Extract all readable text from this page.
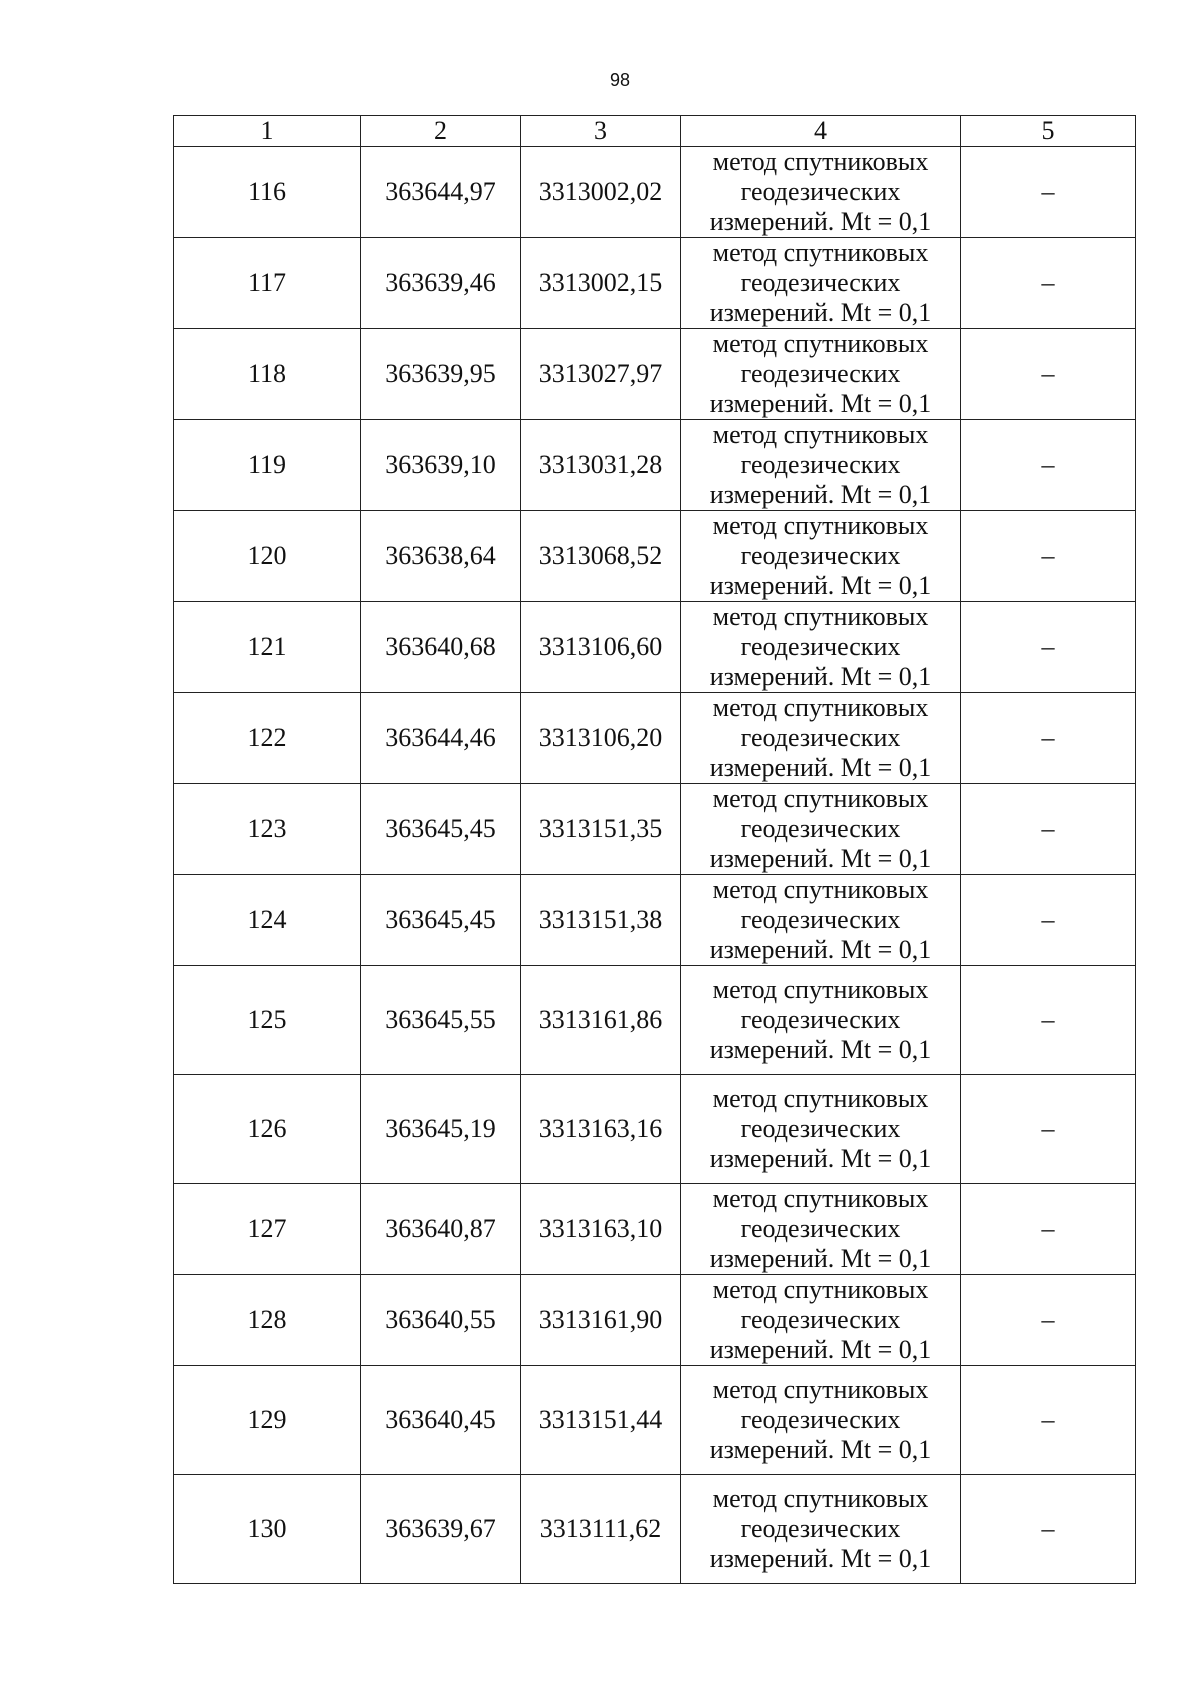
98
1	2	3	4	5
116	363644,97	3313002,02	метод спутниковых
геодезических
измерений. Mt = 0,1	–
117	363639,46	3313002,15	метод спутниковых
геодезических
измерений. Mt = 0,1	–
118	363639,95	3313027,97	метод спутниковых
геодезических
измерений. Mt = 0,1	–
119	363639,10	3313031,28	метод спутниковых
геодезических
измерений. Mt = 0,1	–
120	363638,64	3313068,52	метод спутниковых
геодезических
измерений. Mt = 0,1	–
121	363640,68	3313106,60	метод спутниковых
геодезических
измерений. Mt = 0,1	–
122	363644,46	3313106,20	метод спутниковых
геодезических
измерений. Mt = 0,1	–
123	363645,45	3313151,35	метод спутниковых
геодезических
измерений. Mt = 0,1	–
124	363645,45	3313151,38	метод спутниковых
геодезических
измерений. Mt = 0,1	–
125	363645,55	3313161,86	метод спутниковых
геодезических
измерений. Mt = 0,1	–
126	363645,19	3313163,16	метод спутниковых
геодезических
измерений. Mt = 0,1	–
127	363640,87	3313163,10	метод спутниковых
геодезических
измерений. Mt = 0,1	–
128	363640,55	3313161,90	метод спутниковых
геодезических
измерений. Mt = 0,1	–
129	363640,45	3313151,44	метод спутниковых
геодезических
измерений. Mt = 0,1	–
130	363639,67	3313111,62	метод спутниковых
геодезических
измерений. Mt = 0,1	–
